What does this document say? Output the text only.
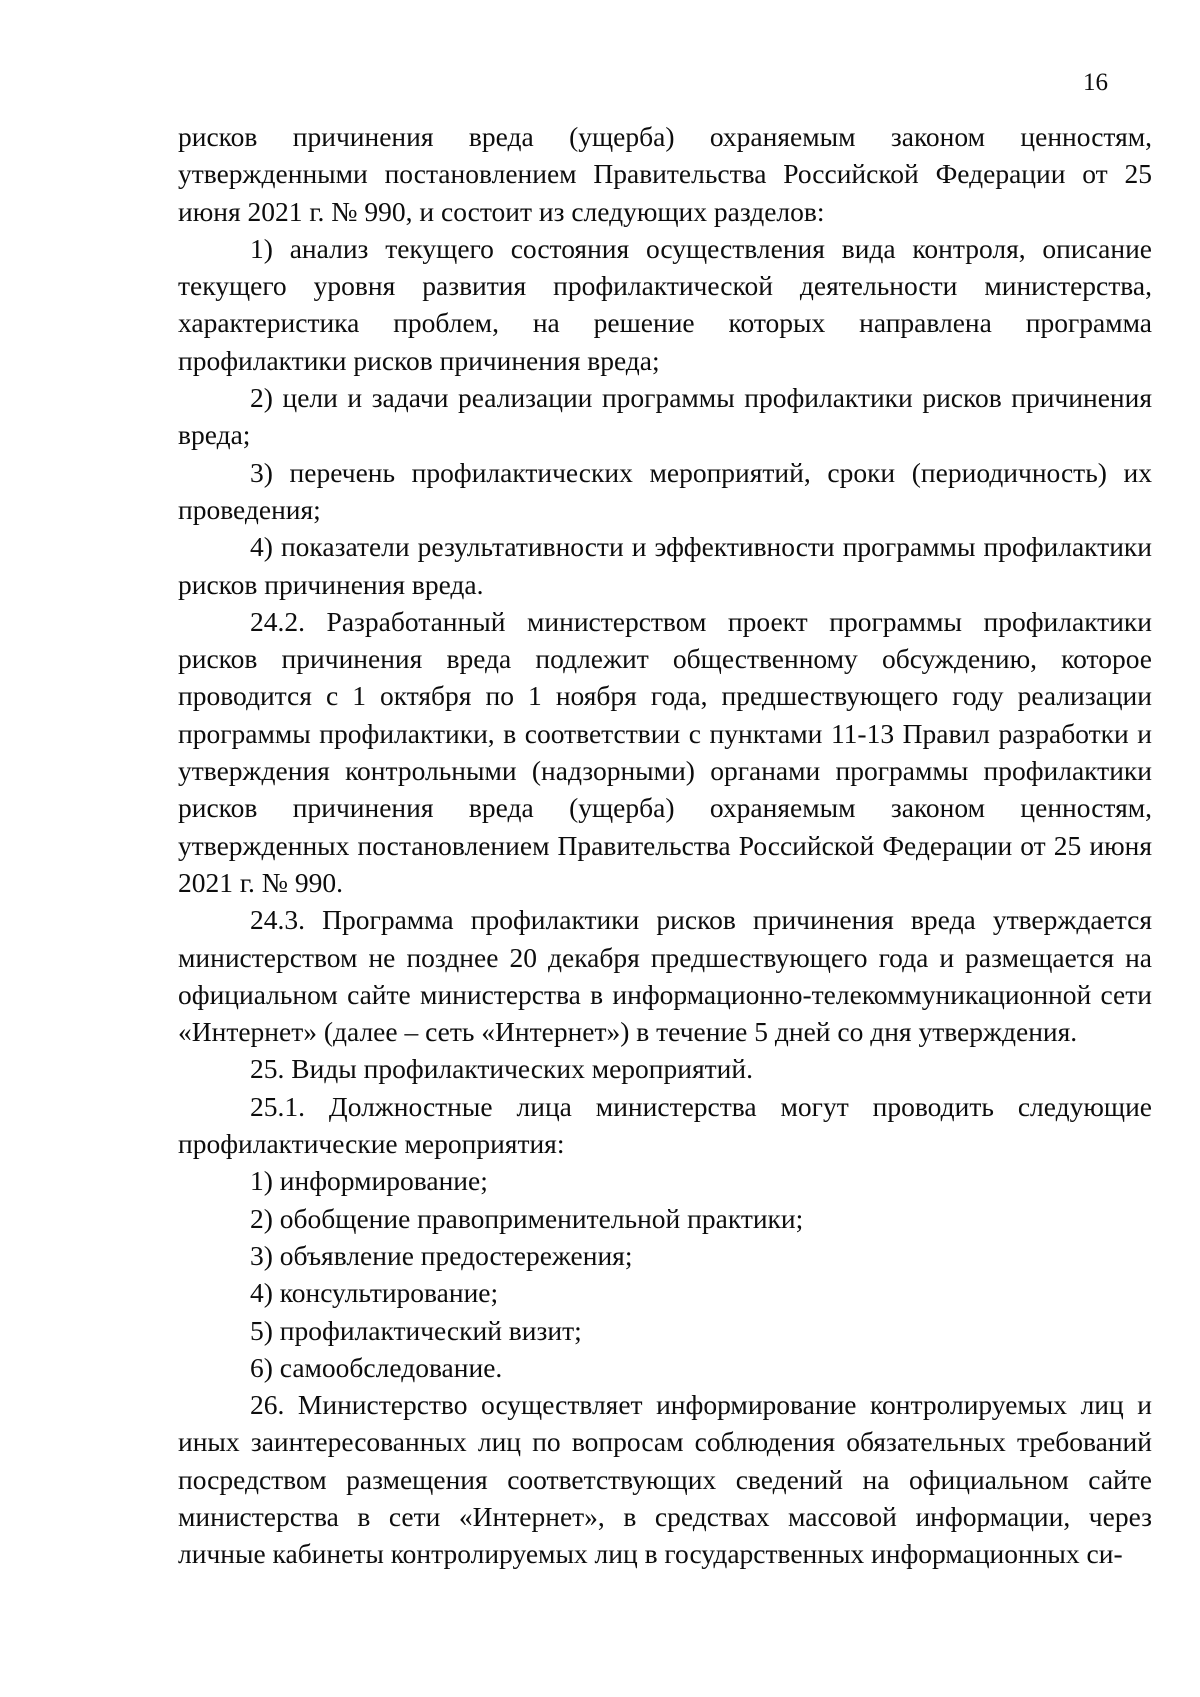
16

рисков причинения вреда (ущерба) охраняемым законом ценностям, утвержденными постановлением Правительства Российской Федерации от 25 июня 2021 г. № 990, и состоит из следующих разделов:

1) анализ текущего состояния осуществления вида контроля, описание текущего уровня развития профилактической деятельности министерства, характеристика проблем, на решение которых направлена программа профилактики рисков причинения вреда;

2) цели и задачи реализации программы профилактики рисков причинения вреда;

3) перечень профилактических мероприятий, сроки (периодичность) их проведения;

4) показатели результативности и эффективности программы профилактики рисков причинения вреда.

24.2. Разработанный министерством проект программы профилактики рисков причинения вреда подлежит общественному обсуждению, которое проводится с 1 октября по 1 ноября года, предшествующего году реализации программы профилактики, в соответствии с пунктами 11-13 Правил разработки и утверждения контрольными (надзорными) органами программы профилактики рисков причинения вреда (ущерба) охраняемым законом ценностям, утвержденных постановлением Правительства Российской Федерации от 25 июня 2021 г. № 990.

24.3. Программа профилактики рисков причинения вреда утверждается министерством не позднее 20 декабря предшествующего года и размещается на официальном сайте министерства в информационно-телекоммуникационной сети «Интернет» (далее – сеть «Интернет») в течение 5 дней со дня утверждения.

25. Виды профилактических мероприятий.

25.1. Должностные лица министерства могут проводить следующие профилактические мероприятия:

1) информирование;

2) обобщение правоприменительной практики;

3) объявление предостережения;

4) консультирование;

5) профилактический визит;

6) самообследование.

26. Министерство осуществляет информирование контролируемых лиц и иных заинтересованных лиц по вопросам соблюдения обязательных требований посредством размещения соответствующих сведений на официальном сайте министерства в сети «Интернет», в средствах массовой информации, через личные кабинеты контролируемых лиц в государственных информационных си-
